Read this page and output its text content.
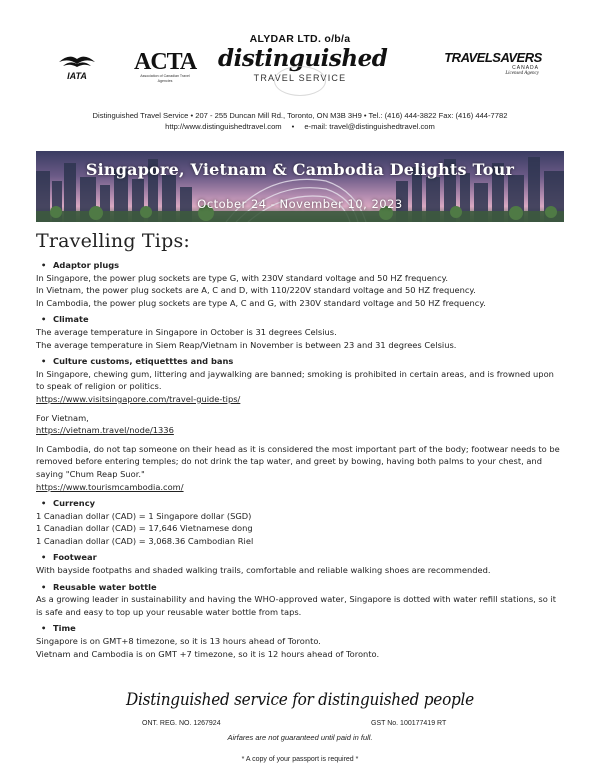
ALYDAR LTD. o/b/a
IATA
ACTA
Association of Canadian Travel Agencies
distinguished
TRAVEL SERVICE
TRAVELSAVERS
CANADA
Licensed Agency
Distinguished Travel Service • 207 - 255 Duncan Mill Rd., Toronto, ON M3B 3H9 • Tel.: (416) 444-3822 Fax: (416) 444-7782
http://www.distinguishedtravel.com • e-mail: travel@distinguishedtravel.com
Singapore, Vietnam & Cambodia Delights Tour
October 24 - November 10, 2023
Travelling Tips:
• Adaptor plugs

In Singapore, the power plug sockets are type G, with 230V standard voltage and 50 HZ frequency.

In Vietnam, the power plug sockets are A, C and D, with 110/220V standard voltage and 50 HZ frequency.

In Cambodia, the power plug sockets are type A, C and G, with 230V standard voltage and 50 HZ frequency.

• Climate

The average temperature in Singapore in October is 31 degrees Celsius.

The average temperature in Siem Reap/Vietnam in November is between 23 and 31 degrees Celsius.

• Culture customs, etiquetttes and bans

In Singapore, chewing gum, littering and jaywalking are banned; smoking is prohibited in certain areas, and is frowned upon to speak of religion or politics.

https://www.visitsingapore.com/travel-guide-tips/

For Vietnam,

https://vietnam.travel/node/1336

In Cambodia, do not tap someone on their head as it is considered the most important part of the body; footwear needs to be removed before entering temples; do not drink the tap water, and greet by bowing, having both palms to your chest, and saying "Chum Reap Suor."

https://www.tourismcambodia.com/

• Currency

1 Canadian dollar (CAD) = 1 Singapore dollar (SGD)

1 Canadian dollar (CAD) = 17,646 Vietnamese dong

1 Canadian dollar (CAD) = 3,068.36 Cambodian Riel

• Footwear

With bayside footpaths and shaded walking trails, comfortable and reliable walking shoes are recommended.

• Reusable water bottle

As a growing leader in sustainability and having the WHO-approved water, Singapore is dotted with water refill stations, so it is safe and easy to top up your reusable water bottle from taps.

• Time

Singapore is on GMT+8 timezone, so it is 13 hours ahead of Toronto.

Vietnam and Cambodia is on GMT +7 timezone, so it is 12 hours ahead of Toronto.

Distinguished service for distinguished people
ONT. REG. NO. 1267924	GST No. 100177419 RT
Airfares are not guaranteed until paid in full.
* A copy of your passport is required *
